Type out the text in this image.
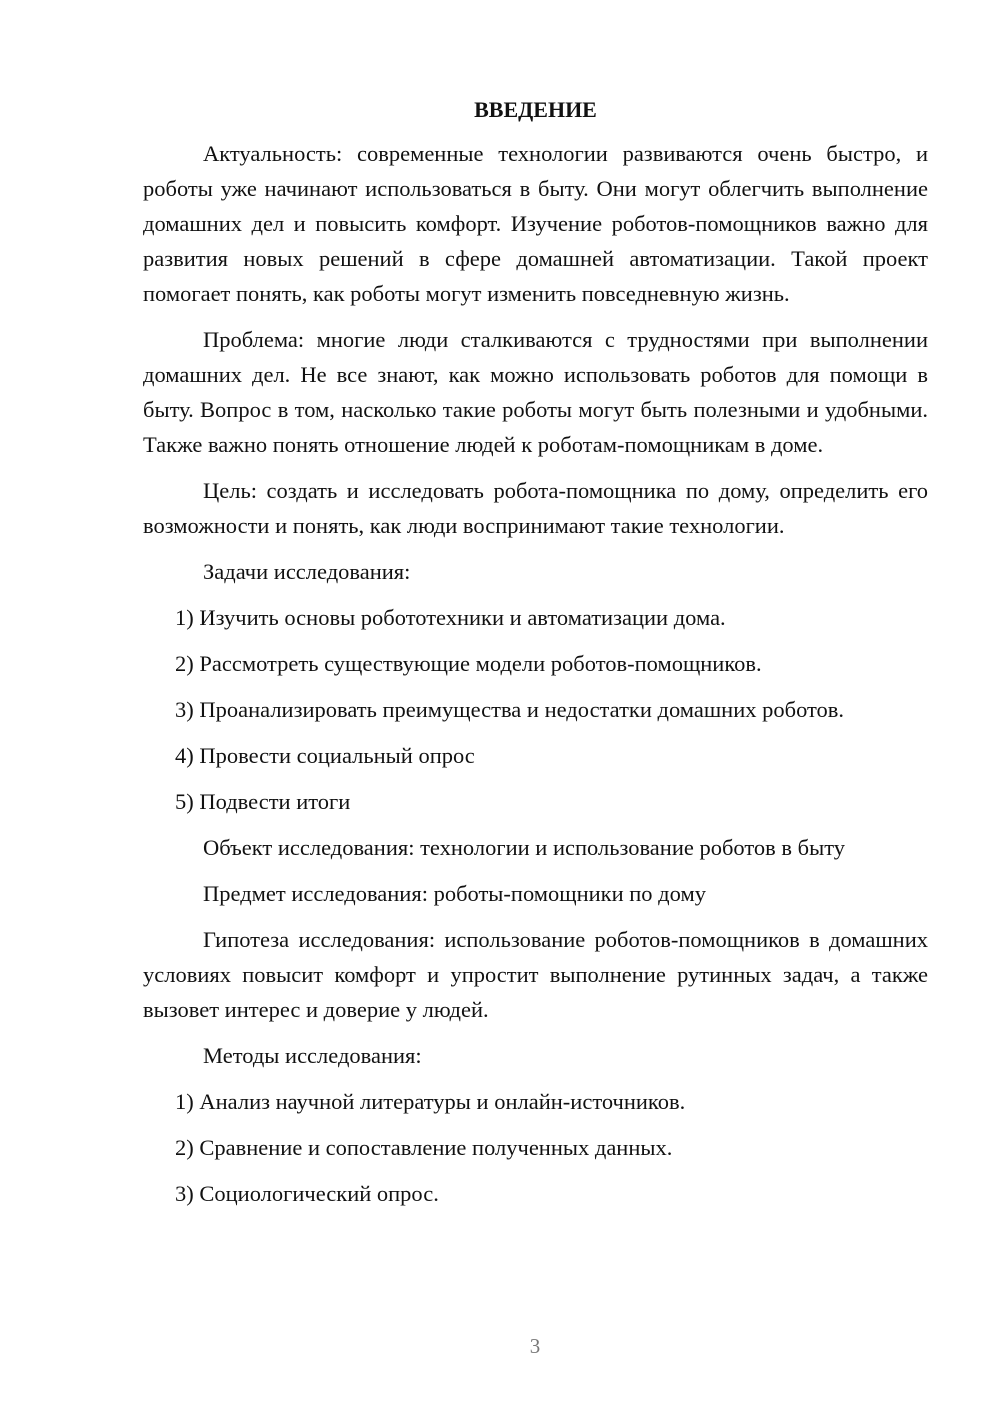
ВВЕДЕНИЕ

Актуальность: современные технологии развиваются очень быстро, и роботы уже начинают использоваться в быту. Они могут облегчить выполнение домашних дел и повысить комфорт. Изучение роботов-помощников важно для развития новых решений в сфере домашней автоматизации. Такой проект помогает понять, как роботы могут изменить повседневную жизнь.

Проблема: многие люди сталкиваются с трудностями при выполнении домашних дел. Не все знают, как можно использовать роботов для помощи в быту. Вопрос в том, насколько такие роботы могут быть полезными и удобными. Также важно понять отношение людей к роботам-помощникам в доме.

Цель: создать и исследовать робота-помощника по дому, определить его возможности и понять, как люди воспринимают такие технологии.

Задачи исследования:
1) Изучить основы робототехники и автоматизации дома.
2) Рассмотреть существующие модели роботов-помощников.
3) Проанализировать преимущества и недостатки домашних роботов.
4) Провести социальный опрос
5) Подвести итоги
Объект исследования: технологии и использование роботов в быту
Предмет исследования: роботы-помощники по дому

Гипотеза исследования: использование роботов-помощников в домашних условиях повысит комфорт и упростит выполнение рутинных задач, а также вызовет интерес и доверие у людей.

Методы исследования:
1) Анализ научной литературы и онлайн-источников.
2) Сравнение и сопоставление полученных данных.
3) Социологический опрос.
3
